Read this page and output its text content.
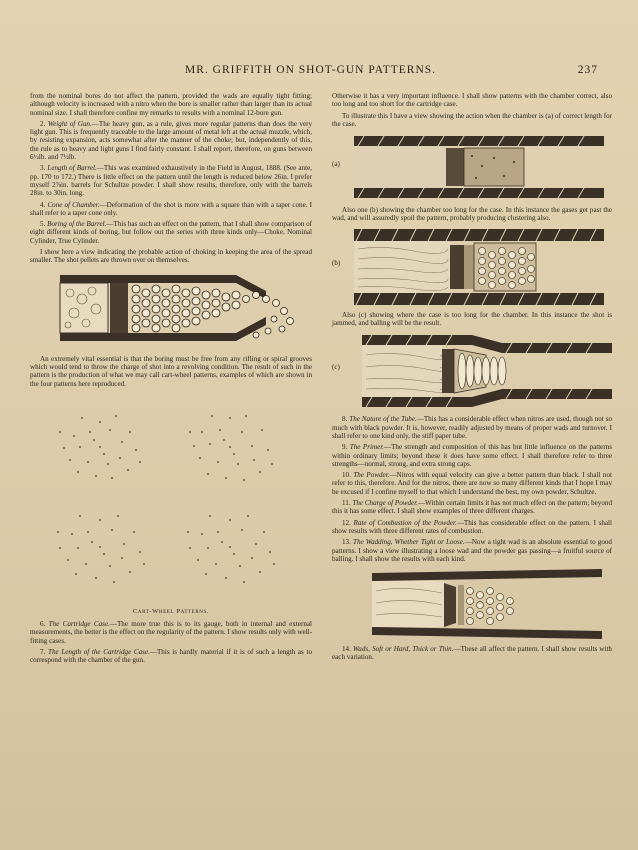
MR. GRIFFITH ON SHOT-GUN PATTERNS.	237

from the nominal bores do not affect the pattern, provided the wads are equally tight fitting; although velocity is increased with a nitro when the bore is smaller rather than larger than its actual nominal size. I shall therefore confine my remarks to results with a nominal 12-bore gun.

2. Weight of Gun.—The heavy gun, as a rule, gives more regular patterns than does the very light gun. This is frequently traceable to the large amount of metal left at the actual muzzle, which, by resisting expansion, acts somewhat after the manner of the choke; but, independently of this, the rule as to heavy and light guns I find fairly constant. I shall report, therefore, on guns between 6½lb. and 7½lb.

3. Length of Barrel.—This was examined exhaustively in the Field in August, 1888. (See ante, pp. 170 to 172.) There is little effect on the pattern until the length is reduced below 26in. I prefer myself 2⅞in. barrels for Schultze powder. I shall show results, therefore, only with the barrels 28in. to 30in. long.

4. Cone of Chamber.—Deformation of the shot is more with a square than with a taper cone. I shall refer to a taper cone only.

5. Boring of the Barrel.—This has such an effect on the pattern, that I shall show comparison of eight different kinds of boring, but follow out the series with three kinds only—Choke, Nominal Cylinder, True Cylinder.

I show here a view indicating the probable action of choking in keeping the area of the spread smaller. The shot pellets are thrown over on themselves.

An extremely vital essential is that the boring must be free from any rifling or spiral grooves which would tend to throw the charge of shot into a revolving condition. The result of such in the pattern is the production of what we may call cart-wheel patterns, examples of which are shown in the four patterns here reproduced.

Cart-Wheel Patterns.

6. The Cartridge Case.—The more true this is to its gauge, both in internal and external measurements, the better is the effect on the regularity of the pattern. I show results only with well-fitting cases.

7. The Length of the Cartridge Case.—This is hardly material if it is of such a length as to correspond with the chamber of the gun.

Otherwise it has a very important influence. I shall show patterns with the chamber correct, also too long and too short for the cartridge case.

To illustrate this I have a view showing the action when the chamber is (a) of correct length for the case.

(a)

Also one (b) showing the chamber too long for the case. In this instance the gases get past the wad, and will assuredly spoil the pattern, probably producing clustering also.

(b)

Also (c) showing where the case is too long for the chamber. In this instance the shot is jammed, and balling will be the result.

(c)

8. The Nature of the Tube.—This has a considerable effect when nitros are used, though not so much with black powder. It is, however, readily adjusted by means of proper wads and turnover. I shall refer to one kind only, the stiff paper tube.

9. The Primer.—The strength and composition of this has but little influence on the patterns within ordinary limits; beyond these it does have some effect. I shall therefore refer to three strengths—normal, strong, and extra strong caps.

10. The Powder.—Nitros with equal velocity can give a better pattern than black. I shall not refer to this, therefore. And for the nitros, there are now so many different kinds that I hope I may be excused if I confine myself to that which I understand the best, my own powder, Schultze.

11. The Charge of Powder.—Within certain limits it has not much effect on the pattern; beyond this it has some effect. I shall show examples of three different charges.

12. Rate of Combustion of the Powder.—This has considerable effect on the pattern. I shall show results with three different rates of combustion.

13. The Wadding, Whether Tight or Loose.—Now a tight wad is an absolute essential to good patterns. I show a view illustrating a loose wad and the powder gas passing—a fruitful source of balling. I shall show the results with each kind.

14. Wads, Soft or Hard, Thick or Thin.—These all affect the pattern. I shall show results with each variation.
